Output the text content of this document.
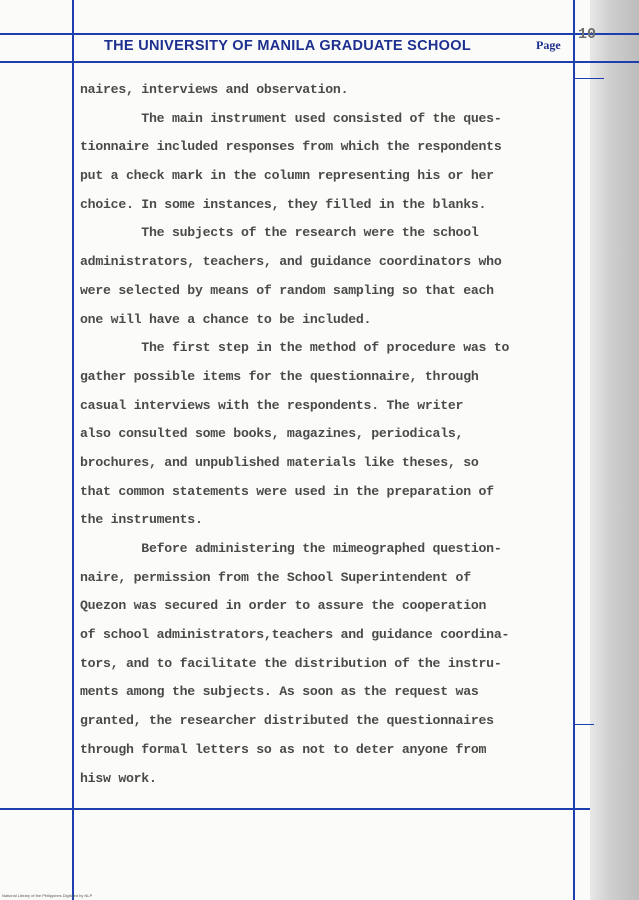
THE UNIVERSITY OF MANILA GRADUATE SCHOOL	Page
10
naires, interviews and observation.
The main instrument used consisted of the ques-
tionnaire included responses from which the respondents
put a check mark in the column representing his or her
choice. In some instances, they filled in the blanks.
The subjects of the research were the school
administrators, teachers, and guidance coordinators who
were selected by means of random sampling so that each
one will have a chance to be included.
The first step in the method of procedure was to
gather possible items for the questionnaire, through
casual interviews with the respondents. The writer
also consulted some books, magazines, periodicals,
brochures, and unpublished materials like theses, so
that common statements were used in the preparation of
the instruments.
Before administering the mimeographed question-
naire, permission from the School Superintendent of
Quezon was secured in order to assure the cooperation
of school administrators,teachers and guidance coordina-
tors, and to facilitate the distribution of the instru-
ments among the subjects. As soon as the request was
granted, the researcher distributed the questionnaires
through formal letters so as not to deter anyone from
hisw work.
National Library of the Philippines Digitized by NLP
